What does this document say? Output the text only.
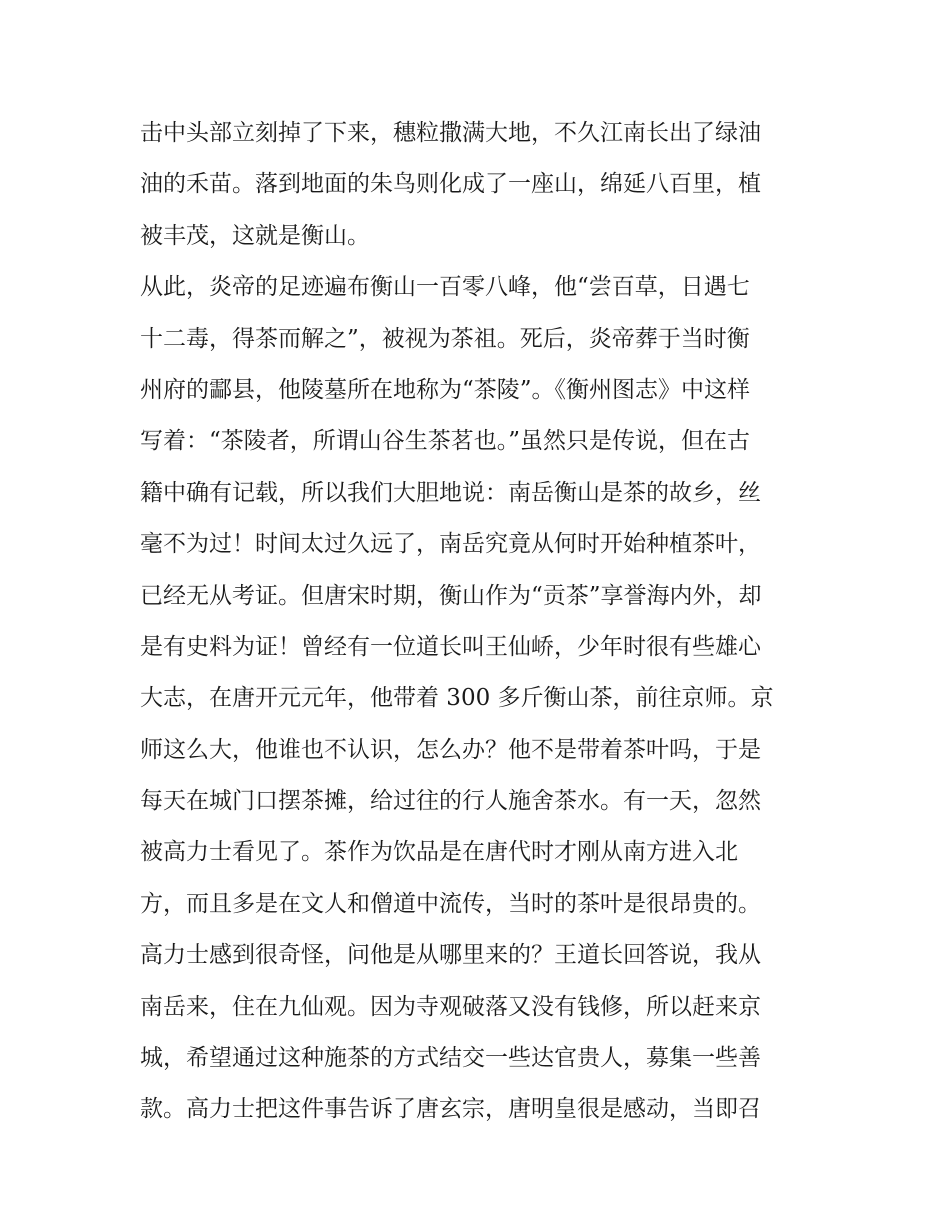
击中头部立刻掉了下来，穗粒撒满大地，不久江南长出了绿油
油的禾苗。落到地面的朱鸟则化成了一座山，绵延八百里，植
被丰茂，这就是衡山。
从此，炎帝的足迹遍布衡山一百零八峰，他“尝百草，日遇七
十二毒，得茶而解之”，被视为茶祖。死后，炎帝葬于当时衡
州府的酃县，他陵墓所在地称为“茶陵”。《衡州图志》中这样
写着：“茶陵者，所谓山谷生茶茗也。”虽然只是传说，但在古
籍中确有记载，所以我们大胆地说：南岳衡山是茶的故乡，丝
毫不为过！时间太过久远了，南岳究竟从何时开始种植茶叶，
已经无从考证。但唐宋时期，衡山作为“贡茶”享誉海内外，却
是有史料为证！曾经有一位道长叫王仙峤，少年时很有些雄心
大志，在唐开元元年，他带着 300 多斤衡山茶，前往京师。京
师这么大，他谁也不认识，怎么办？他不是带着茶叶吗，于是
每天在城门口摆茶摊，给过往的行人施舍茶水。有一天，忽然
被高力士看见了。茶作为饮品是在唐代时才刚从南方进入北
方，而且多是在文人和僧道中流传，当时的茶叶是很昂贵的。
高力士感到很奇怪，问他是从哪里来的？王道长回答说，我从
南岳来，住在九仙观。因为寺观破落又没有钱修，所以赶来京
城，希望通过这种施茶的方式结交一些达官贵人，募集一些善
款。高力士把这件事告诉了唐玄宗，唐明皇很是感动，当即召
